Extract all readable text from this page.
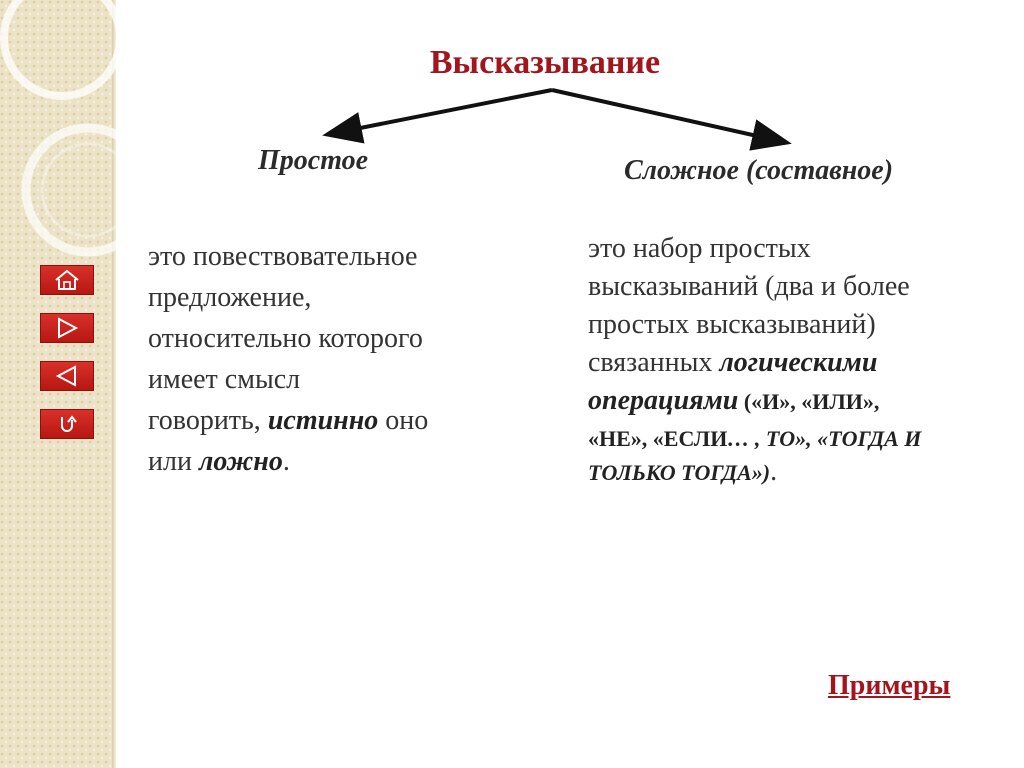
Высказывание
Простое	Сложное (составное)
это повествовательное
предложение,
относительно которого
имеет смысл
говорить, истинно оно
или ложно.
это набор простых
высказываний (два и более
простых высказываний)
связанных логическими
операциями («И», «ИЛИ»,
«НЕ», «ЕСЛИ… , ТО», «ТОГДА И
ТОЛЬКО ТОГДА»).
Примеры
